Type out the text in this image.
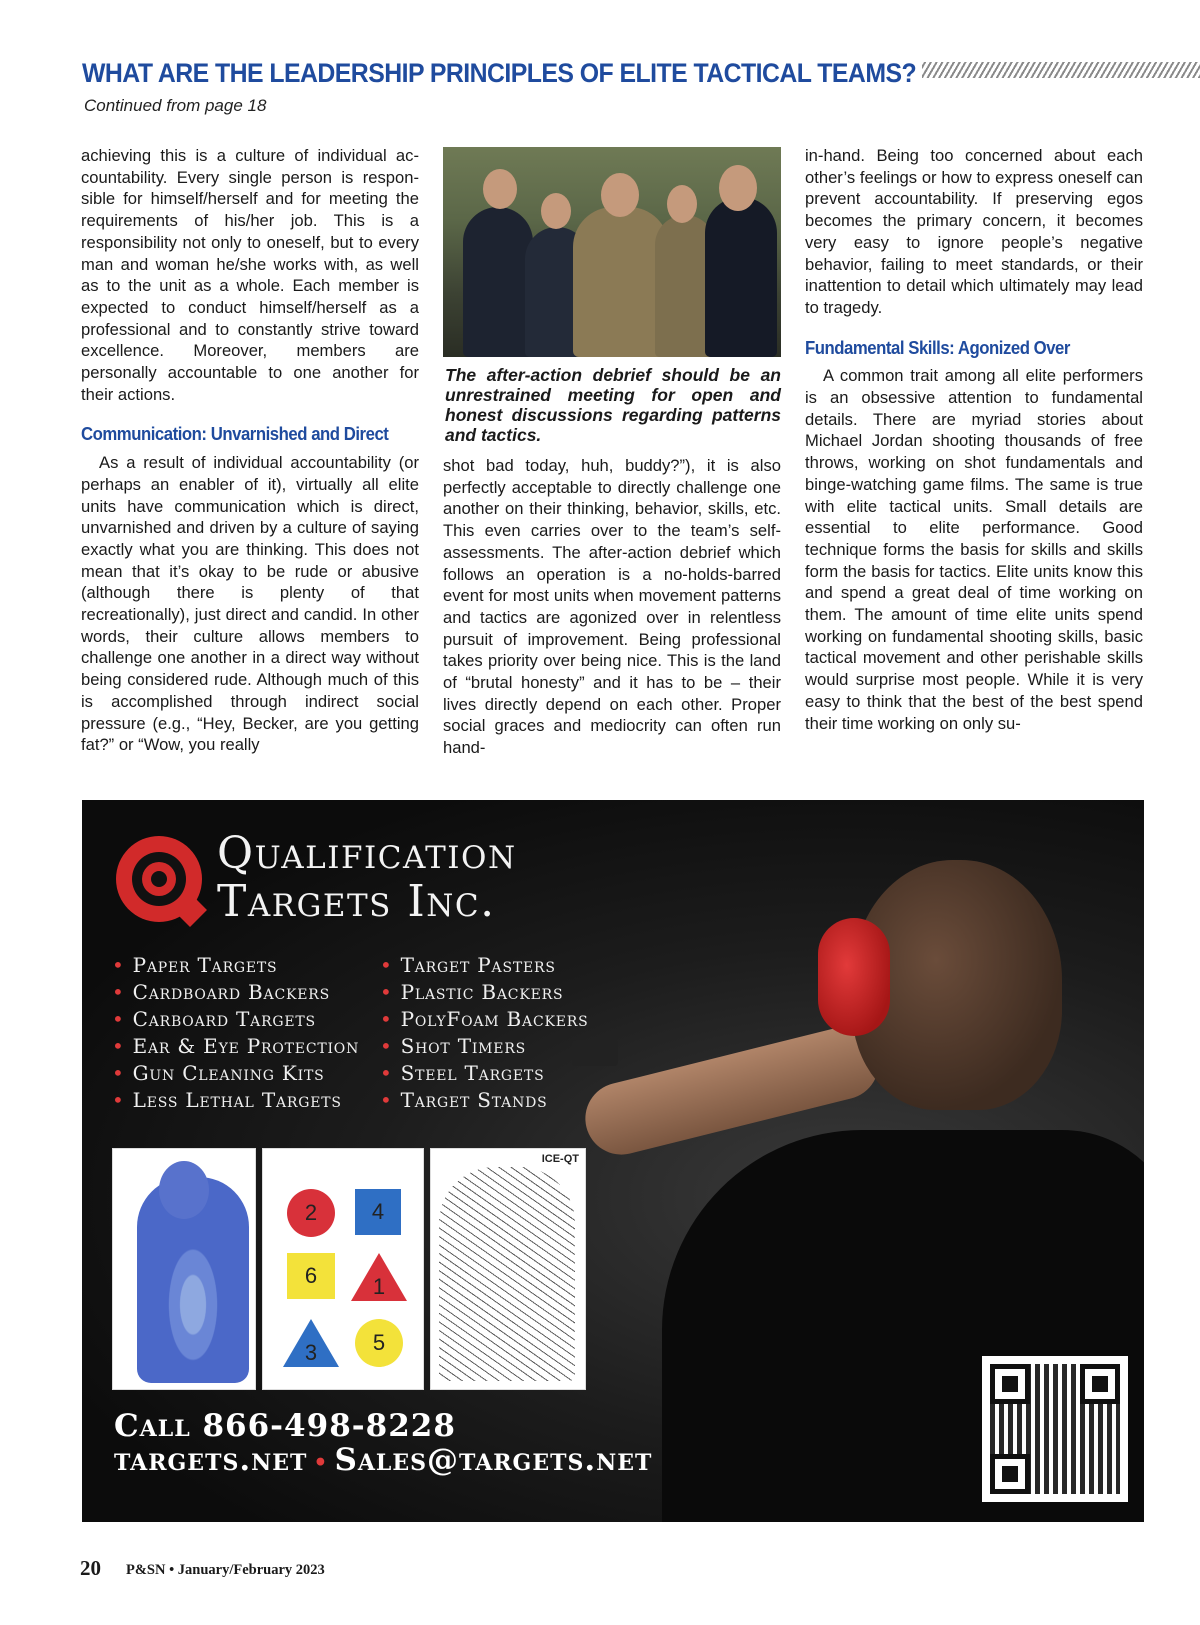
WHAT ARE THE LEADERSHIP PRINCIPLES OF ELITE TACTICAL TEAMS?
Continued from page 18

achieving this is a culture of individual accountability. Every single person is responsible for himself/herself and for meeting the requirements of his/her job. This is a responsibility not only to oneself, but to every man and woman he/she works with, as well as to the unit as a whole. Each member is expected to conduct himself/herself as a professional and to constantly strive toward excellence. Moreover, members are personally accountable to one another for their actions.

Communication: Unvarnished and Direct

As a result of individual accountability (or perhaps an enabler of it), virtually all elite units have communication which is direct, unvarnished and driven by a culture of saying exactly what you are thinking. This does not mean that it’s okay to be rude or abusive (although there is plenty of that recreationally), just direct and candid. In other words, their culture allows members to challenge one another in a direct way without being considered rude. Although much of this is accomplished through indirect social pressure (e.g., “Hey, Becker, are you getting fat?” or “Wow, you really

The after-action debrief should be an unrestrained meeting for open and honest discussions regarding patterns and tactics.

shot bad today, huh, buddy?”), it is also perfectly acceptable to directly challenge one another on their thinking, behavior, skills, etc. This even carries over to the team’s self-assessments. The after-action debrief which follows an operation is a no-holds-barred event for most units when movement patterns and tactics are agonized over in relentless pursuit of improvement. Being professional takes priority over being nice. This is the land of “brutal honesty” and it has to be – their lives directly depend on each other. Proper social graces and mediocrity can often run hand-

in-hand. Being too concerned about each other’s feelings or how to express oneself can prevent accountability. If preserving egos becomes the primary concern, it becomes very easy to ignore people’s negative behavior, failing to meet standards, or their inattention to detail which ultimately may lead to tragedy.

Fundamental Skills: Agonized Over

A common trait among all elite performers is an obsessive attention to fundamental details. There are myriad stories about Michael Jordan shooting thousands of free throws, working on shot fundamentals and binge-watching game films. The same is true with elite tactical units. Small details are essential to elite performance. Good technique forms the basis for skills and skills form the basis for tactics. Elite units know this and spend a great deal of time working on them. The amount of time elite units spend working on fundamental shooting skills, basic tactical movement and other perishable skills would surprise most people. While it is very easy to think that the best of the best spend their time working on only su-

Qualification
Targets Inc.
• Paper Targets
• Cardboard Backers
• Carboard Targets
• Ear & Eye Protection
• Gun Cleaning Kits
• Less Lethal Targets
• Target Pasters
• Plastic Backers
• PolyFoam Backers
• Shot Timers
• Steel Targets
• Target Stands
2	4
6	1
3	5
ICE-QT
Call 866-498-8228
targets.net • Sales@targets.net
20 P&SN • January/February 2023
